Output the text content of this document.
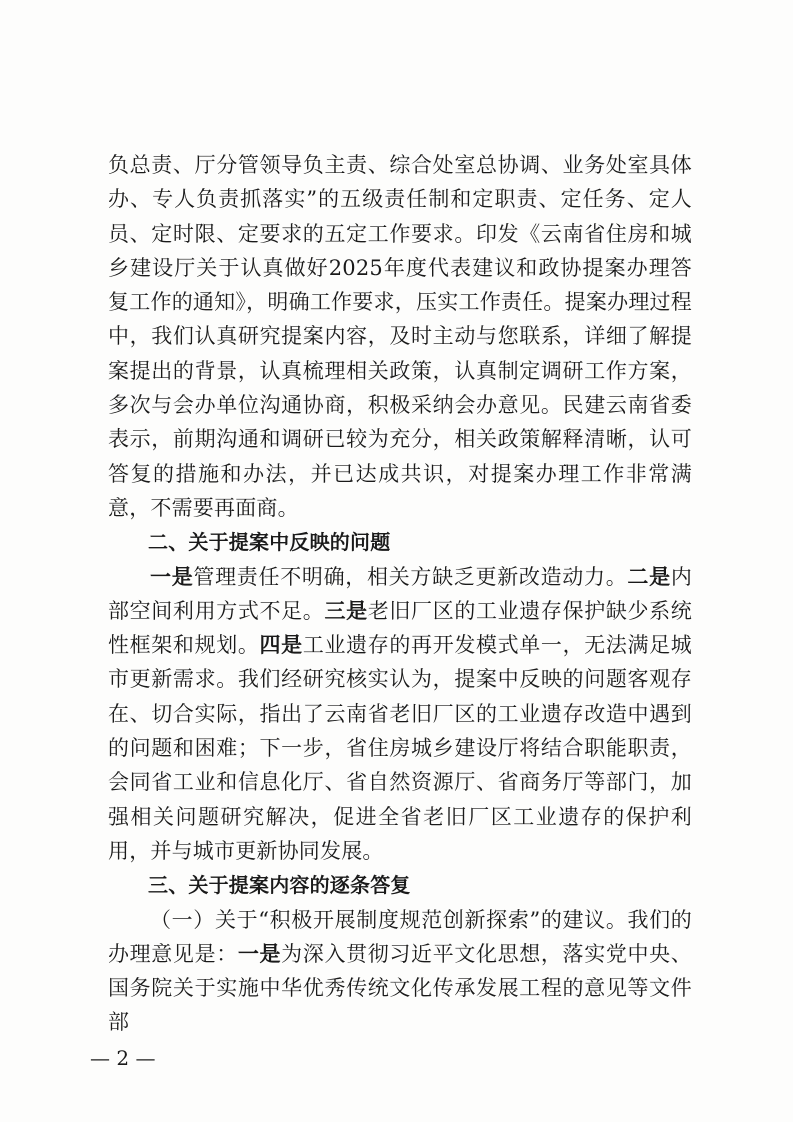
负总责、厅分管领导负主责、综合处室总协调、业务处室具体办、专人负责抓落实”的五级责任制和定职责、定任务、定人员、定时限、定要求的五定工作要求。印发《云南省住房和城乡建设厅关于认真做好2025年度代表建议和政协提案办理答复工作的通知》，明确工作要求，压实工作责任。提案办理过程中，我们认真研究提案内容，及时主动与您联系，详细了解提案提出的背景，认真梳理相关政策，认真制定调研工作方案，多次与会办单位沟通协商，积极采纳会办意见。民建云南省委表示，前期沟通和调研已较为充分，相关政策解释清晰，认可答复的措施和办法，并已达成共识，对提案办理工作非常满意，不需要再面商。

二、关于提案中反映的问题

一是管理责任不明确，相关方缺乏更新改造动力。二是内部空间利用方式不足。三是老旧厂区的工业遗存保护缺少系统性框架和规划。四是工业遗存的再开发模式单一，无法满足城市更新需求。我们经研究核实认为，提案中反映的问题客观存在、切合实际，指出了云南省老旧厂区的工业遗存改造中遇到的问题和困难；下一步，省住房城乡建设厅将结合职能职责，会同省工业和信息化厅、省自然资源厅、省商务厅等部门，加强相关问题研究解决，促进全省老旧厂区工业遗存的保护利用，并与城市更新协同发展。

三、关于提案内容的逐条答复

（一）关于“积极开展制度规范创新探索”的建议。我们的办理意见是：一是为深入贯彻习近平文化思想，落实党中央、国务院关于实施中华优秀传统文化传承发展工程的意见等文件部

— 2 —
